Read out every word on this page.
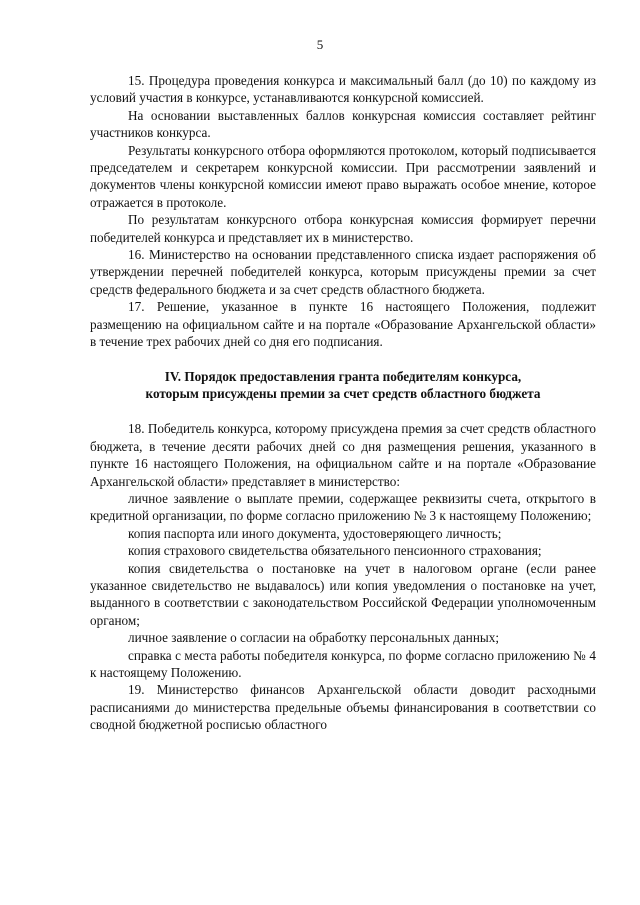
5

15. Процедура проведения конкурса и максимальный балл (до 10) по каждому из условий участия в конкурсе, устанавливаются конкурсной комиссией.

На основании выставленных баллов конкурсная комиссия составляет рейтинг участников конкурса.

Результаты конкурсного отбора оформляются протоколом, который подписывается председателем и секретарем конкурсной комиссии. При рассмотрении заявлений и документов члены конкурсной комиссии имеют право выражать особое мнение, которое отражается в протоколе.

По результатам конкурсного отбора конкурсная комиссия формирует перечни победителей конкурса и представляет их в министерство.

16. Министерство на основании представленного списка издает распоряжения об утверждении перечней победителей конкурса, которым присуждены премии за счет средств федерального бюджета и за счет средств областного бюджета.

17. Решение, указанное в пункте 16 настоящего Положения, подлежит размещению на официальном сайте и на портале «Образование Архангельской области» в течение трех рабочих дней со дня его подписания.

IV. Порядок предоставления гранта победителям конкурса,
которым присуждены премии за счет средств областного бюджета

18. Победитель конкурса, которому присуждена премия за счет средств областного бюджета, в течение десяти рабочих дней со дня размещения решения, указанного в пункте 16 настоящего Положения, на официальном сайте и на портале «Образование Архангельской области» представляет в министерство:

личное заявление о выплате премии, содержащее реквизиты счета, открытого в кредитной организации, по форме согласно приложению № 3 к настоящему Положению;

копия паспорта или иного документа, удостоверяющего личность;

копия страхового свидетельства обязательного пенсионного страхования;

копия свидетельства о постановке на учет в налоговом органе (если ранее указанное свидетельство не выдавалось) или копия уведомления о постановке на учет, выданного в соответствии с законодательством Российской Федерации уполномоченным органом;

личное заявление о согласии на обработку персональных данных;

справка с места работы победителя конкурса, по форме согласно приложению № 4 к настоящему Положению.

19. Министерство финансов Архангельской области доводит расходными расписаниями до министерства предельные объемы финансирования в соответствии со сводной бюджетной росписью областного
